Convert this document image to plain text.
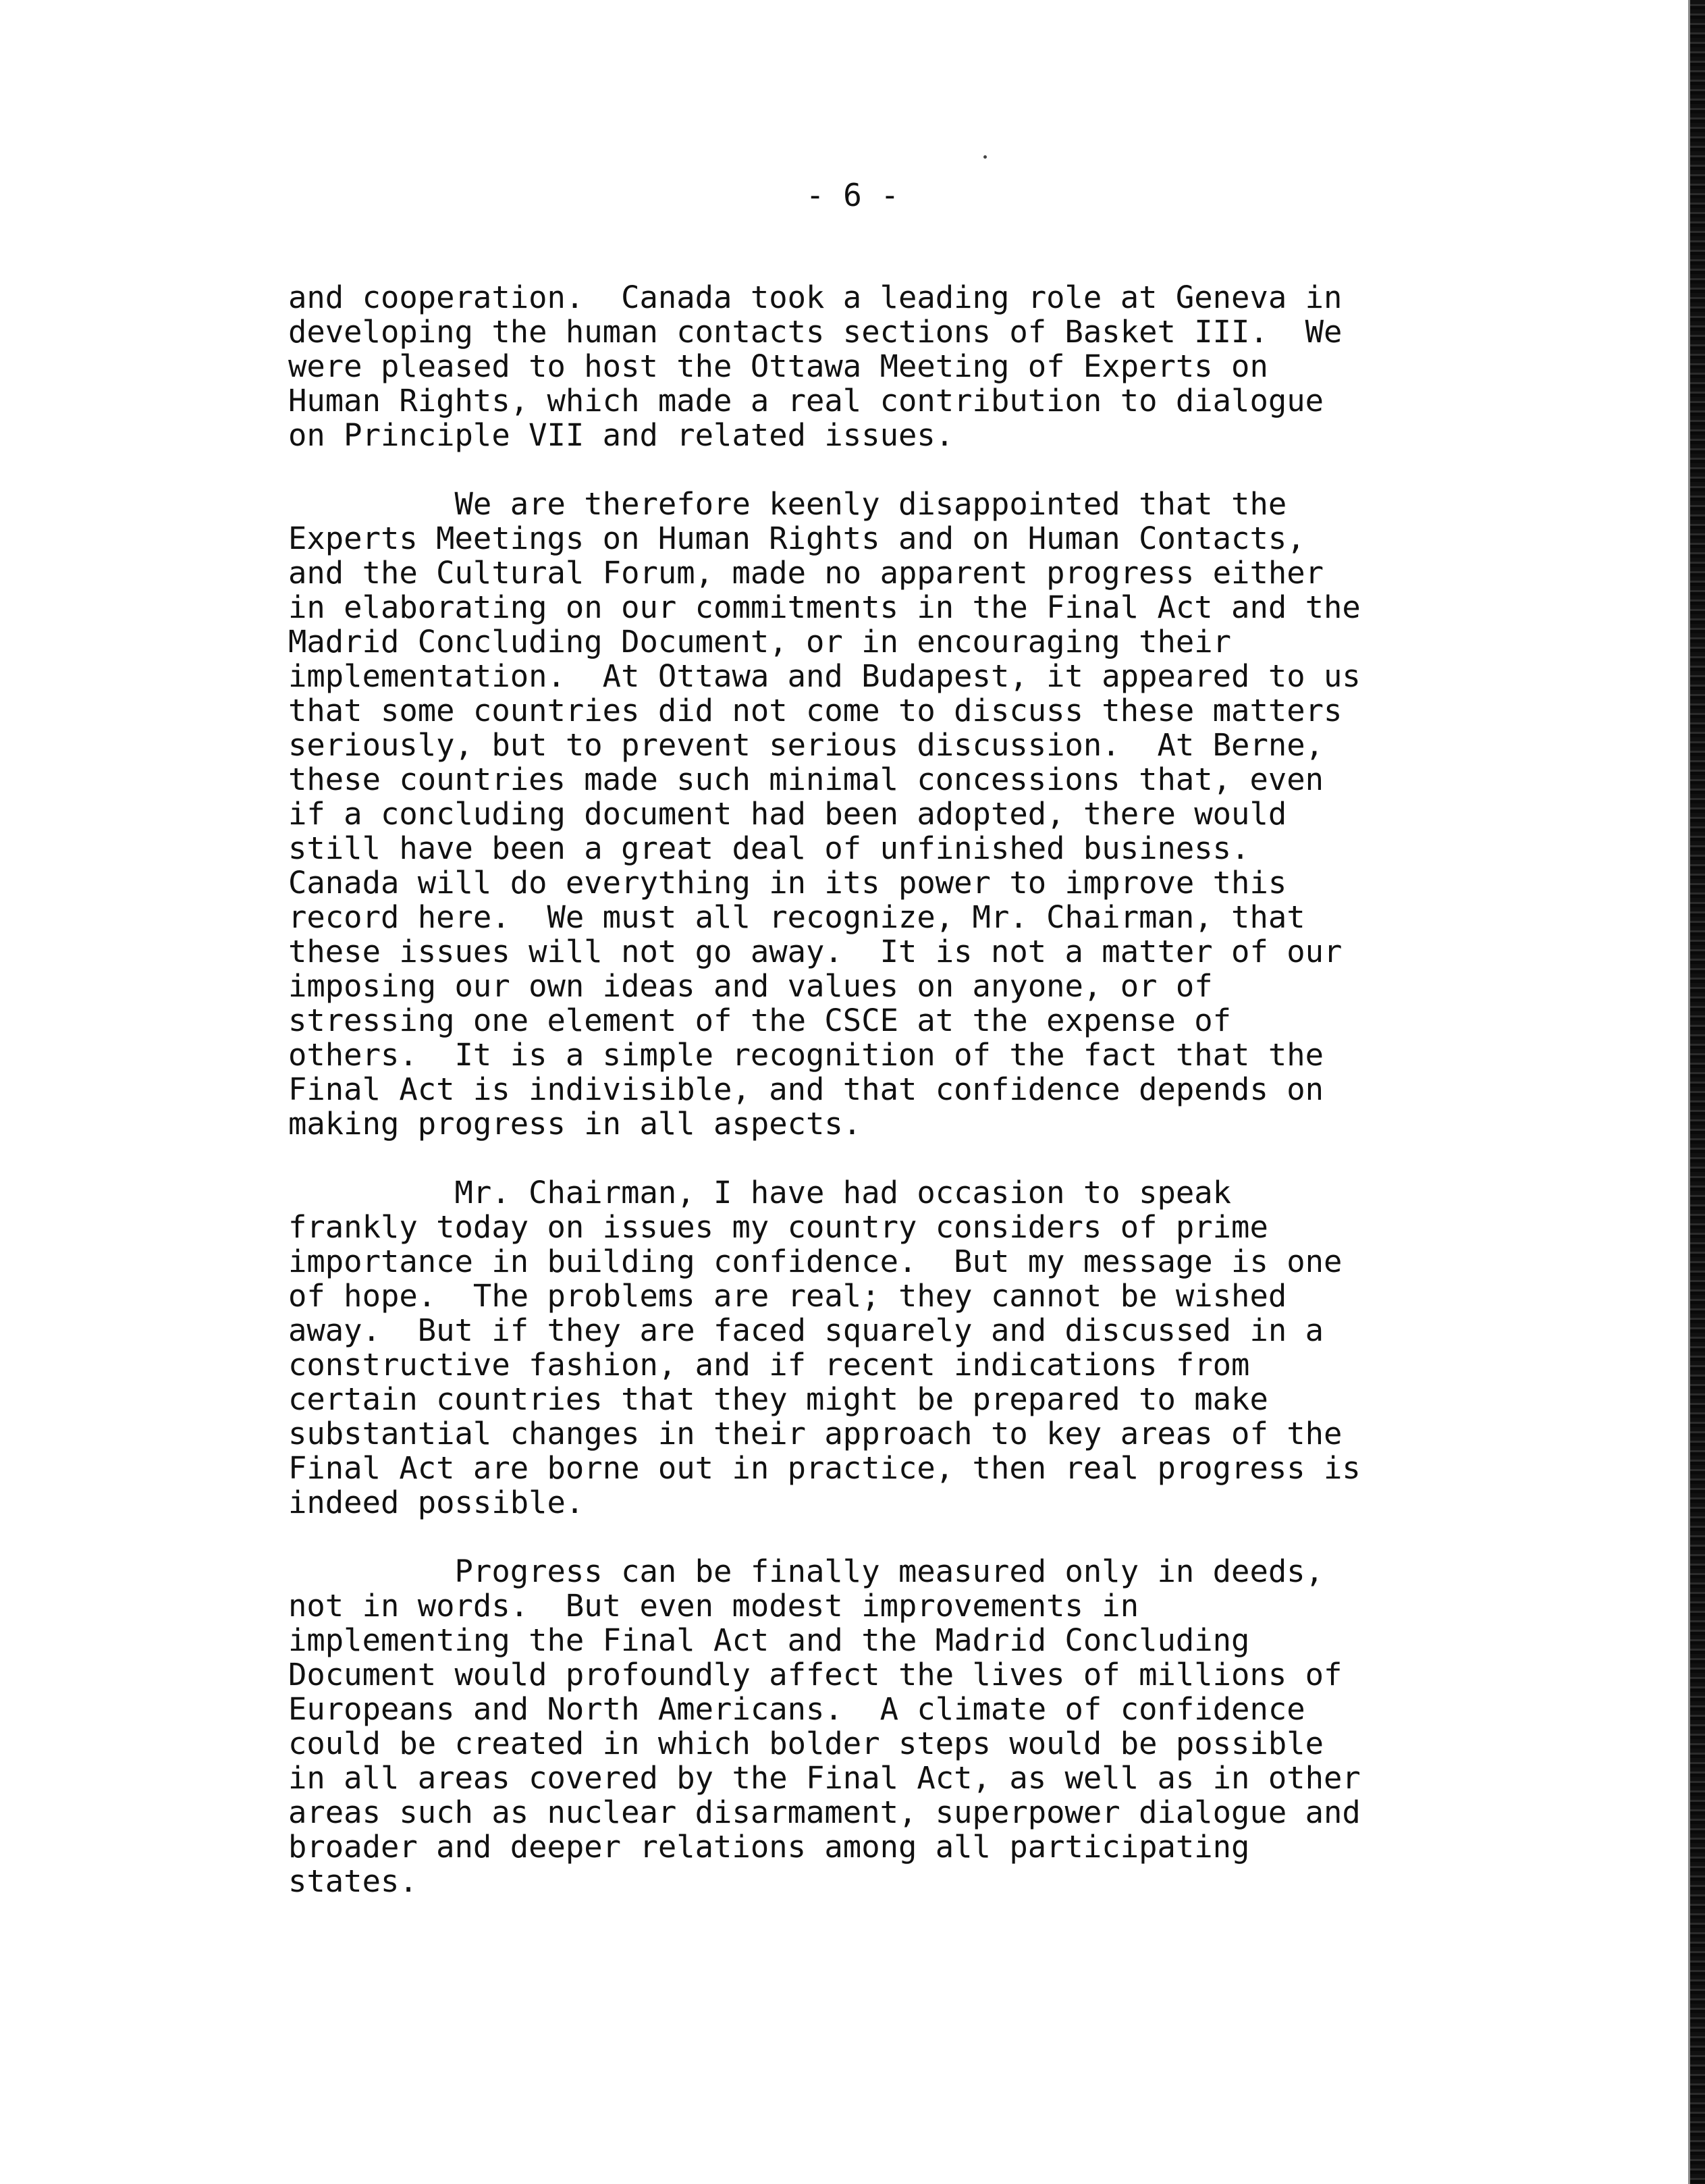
- 6 -

and cooperation.  Canada took a leading role at Geneva in
developing the human contacts sections of Basket III.  We
were pleased to host the Ottawa Meeting of Experts on
Human Rights, which made a real contribution to dialogue
on Principle VII and related issues.

We are therefore keenly disappointed that the
Experts Meetings on Human Rights and on Human Contacts,
and the Cultural Forum, made no apparent progress either
in elaborating on our commitments in the Final Act and the
Madrid Concluding Document, or in encouraging their
implementation.  At Ottawa and Budapest, it appeared to us
that some countries did not come to discuss these matters
seriously, but to prevent serious discussion.  At Berne,
these countries made such minimal concessions that, even
if a concluding document had been adopted, there would
still have been a great deal of unfinished business.
Canada will do everything in its power to improve this
record here.  We must all recognize, Mr. Chairman, that
these issues will not go away.  It is not a matter of our
imposing our own ideas and values on anyone, or of
stressing one element of the CSCE at the expense of
others.  It is a simple recognition of the fact that the
Final Act is indivisible, and that confidence depends on
making progress in all aspects.

Mr. Chairman, I have had occasion to speak
frankly today on issues my country considers of prime
importance in building confidence.  But my message is one
of hope.  The problems are real; they cannot be wished
away.  But if they are faced squarely and discussed in a
constructive fashion, and if recent indications from
certain countries that they might be prepared to make
substantial changes in their approach to key areas of the
Final Act are borne out in practice, then real progress is
indeed possible.

Progress can be finally measured only in deeds,
not in words.  But even modest improvements in
implementing the Final Act and the Madrid Concluding
Document would profoundly affect the lives of millions of
Europeans and North Americans.  A climate of confidence
could be created in which bolder steps would be possible
in all areas covered by the Final Act, as well as in other
areas such as nuclear disarmament, superpower dialogue and
broader and deeper relations among all participating
states.
